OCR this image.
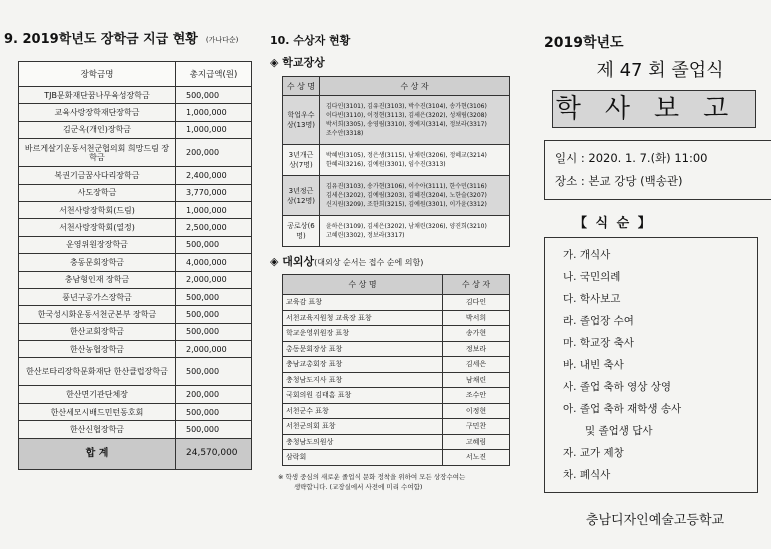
9. 2019학년도 장학금 지급 현황 (가나다순)
장학금명	총지급액(원)
TJB문화재단꿈나무육성장학금	500,000
교육사랑장학재단장학금	1,000,000
김군옥(개인)장학금	1,000,000
바르게살기운동서천군협의회 희망드림 장학금	200,000
복권기금꿈사다리장학금	2,400,000
사도장학금	3,770,000
서천사랑장학회(드림)	1,000,000
서천사랑장학회(열정)	2,500,000
운영위원장장학금	500,000
충동문회장학금	4,000,000
충남형인재 장학금	2,000,000
풍년구공가스장학금	500,000
한국성시화운동서천군본부 장학금	500,000
한산교회장학금	500,000
한산농협장학금	2,000,000
한산로타리장학문화재단 한산클럽장학금	500,000
한산면기관단체장	200,000
한산세모시배드민턴동호회	500,000
한산신협장학금	500,000
합 계	24,570,000
10. 수상자 현황
◈ 학교장상
수 상 명	수 상 자
학업우수상(13명)	김다인(3101), 김유진(3103), 박수진(3104), 송가현(3106)
이다빈(3110), 이정현(3113), 김세은(3202), 성채림(3208)
박서희(3305), 송영림(3310), 정예지(3314), 정보라(3317)
조수안(3318)

3년개근상(7명)	박혜빈(3105), 정은생(3115), 남채린(3206), 정혜교(3214)
한혜리(3216), 김예원(3301), 임수진(3313)

3년정근상(12명)	김유진(3103), 송가현(3106), 이수아(3111), 한수민(3116)
김세은(3202), 김예림(3203), 김혜진(3204), 노한슬(3207)
신지원(3209), 조한희(3215), 김예원(3301), 이가윤(3312)

공로상(6명)	윤하은(3109), 김세은(3202), 남채린(3206), 양진희(3210)
고혜린(3302), 정보라(3317)
◈ 대외상(대외상 순서는 접수 순에 의함)
수 상 명	수 상 자
교육감 표창	김다인
서천교육지원청 교육장 표창	박서희
학교운영위원장 표창	송가현
총동문회장상 표창	정보라
충남교총회장 표창	김세은
충청남도지사 표창	남채린
국회의원 김태흠 표창	조수안
서천군수 표창	이정현
서천군의회 표창	구민찬
충청남도의원상	고혜림
삼락회	서노진
※ 학생 중심의 새로운 졸업식 문화 정착을 위하여 모든 상장수여는
생략합니다. (교장실에서 사전에 미리 수여함)
2019학년도
제 47 회 졸업식
학사보고
일시 : 2020. 1. 7.(화) 11:00
장소 : 본교 강당 (백송관)
【 식 순 】
가. 개식사
나. 국민의례
다. 학사보고
라. 졸업장 수여
마. 학교장 축사
바. 내빈 축사
사. 졸업 축하 영상 상영
아. 졸업 축하 재학생 송사
및 졸업생 답사
자. 교가 제창
차. 폐식사
충남디자인예술고등학교
